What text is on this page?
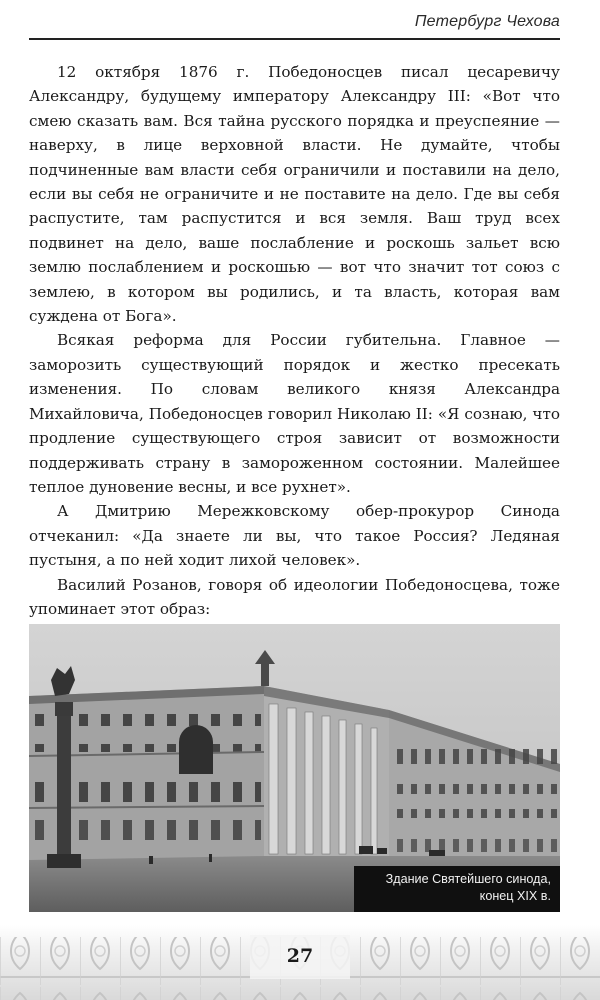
Петербург Чехова

12 октября 1876 г. Победоносцев писал цесаревичу Александру, будущему императору Александру III: «Вот что смею сказать вам. Вся тайна русского порядка и преуспеяние — наверху, в лице верховной власти. Не думайте, чтобы подчиненные вам власти себя ограничили и поставили на дело, если вы себя не ограничите и не поставите на дело. Где вы себя распустите, там распустится и вся земля. Ваш труд всех подвинет на дело, ваше послабление и роскошь зальет всю землю послаблением и роскошью — вот что значит тот союз с землею, в котором вы родились, и та власть, которая вам суждена от Бога».

Всякая реформа для России губительна. Главное — заморозить существующий порядок и жестко пресекать изменения. По словам великого князя Александра Михайловича, Победоносцев говорил Николаю II: «Я сознаю, что продление существующего строя зависит от возможности поддерживать страну в замороженном состоянии. Малейшее теплое дуновение весны, и все рухнет».

А Дмитрию Мережковскому обер-прокурор Синода отчеканил: «Да знаете ли вы, что такое Россия? Ледяная пустыня, а по ней ходит лихой человек».

Василий Розанов, говоря об идеологии Победоносцева, тоже упоминает этот образ:

Здание Святейшего синода,
конец XIX в.
27
